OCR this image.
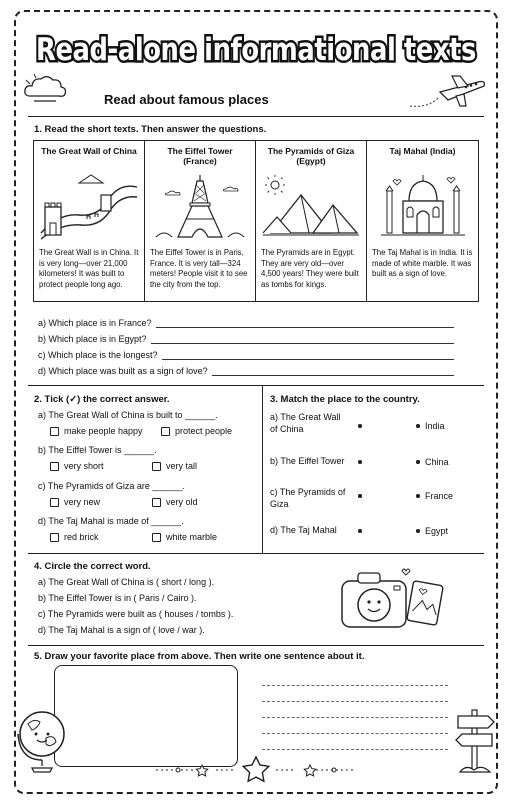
Read-alone informational texts
Read about famous places
1. Read the short texts. Then answer the questions.
The Great Wall of China
The Great Wall is in China. It is very long—over 21,000 kilometers! It was built to protect people long ago.
The Eiffel Tower (France)
The Eiffel Tower is in Paris, France. It is very tall—324 meters! People visit it to see the city from the top.
The Pyramids of Giza (Egypt)
The Pyramids are in Egypt. They are very old—over 4,500 years! They were built as tombs for kings.
Taj Mahal (India)
The Taj Mahal is in India. It is made of white marble. It was built as a sign of love.
a) Which place is in France?
b) Which place is in Egypt?
c) Which place is the longest?
d) Which place was built as a sign of love?
2. Tick (✓) the correct answer.
a) The Great Wall of China is built to ______.
make people happy	protect people
b) The Eiffel Tower is ______.
very short	very tall
c) The Pyramids of Giza are ______.
very new	very old
d) The Taj Mahal is made of ______.
red brick	white marble
3. Match the place to the country.
a) The Great Wall of China
b) The Eiffel Tower
c) The Pyramids of Giza
d) The Taj Mahal
India
China
France
Egypt
4. Circle the correct word.
a) The Great Wall of China is ( short / long ).
b) The Eiffel Tower is in ( Paris / Cairo ).
c) The Pyramids were built as ( houses / tombs ).
d) The Taj Mahal is a sign of ( love / war ).
5. Draw your favorite place from above. Then write one sentence about it.
